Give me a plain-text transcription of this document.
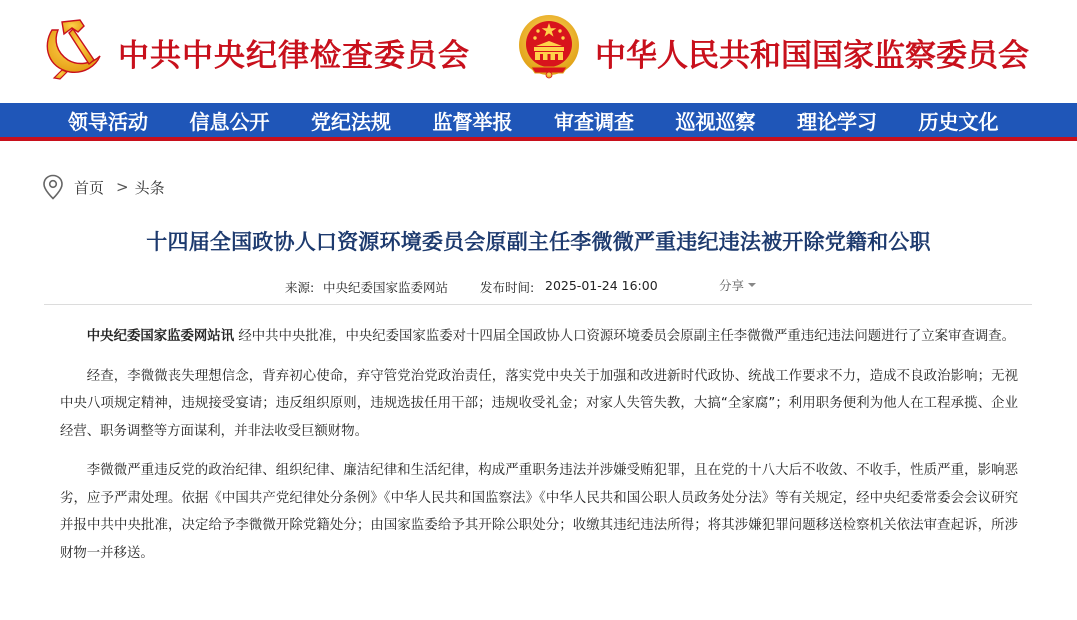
中共中央纪律检查委员会	中华人民共和国国家监察委员会
领导活动	信息公开	党纪法规	监督举报	审查调查	巡视巡察	理论学习	历史文化
首页 > 头条
十四届全国政协人口资源环境委员会原副主任李微微严重违纪违法被开除党籍和公职
来源: 中央纪委国家监委网站	发布时间: 2025-01-24 16:00	分享

中央纪委国家监委网站讯 经中共中央批准，中央纪委国家监委对十四届全国政协人口资源环境委员会原副主任李微微严重违纪违法问题进行了立案审查调查。

经查，李微微丧失理想信念，背弃初心使命，弃守管党治党政治责任，落实党中央关于加强和改进新时代政协、统战工作要求不力，造成不良政治影响；无视中央八项规定精神，违规接受宴请；违反组织原则，违规选拔任用干部；违规收受礼金；对家人失管失教，大搞“全家腐”；利用职务便利为他人在工程承揽、企业经营、职务调整等方面谋利，并非法收受巨额财物。

李微微严重违反党的政治纪律、组织纪律、廉洁纪律和生活纪律，构成严重职务违法并涉嫌受贿犯罪，且在党的十八大后不收敛、不收手，性质严重，影响恶劣，应予严肃处理。依据《中国共产党纪律处分条例》《中华人民共和国监察法》《中华人民共和国公职人员政务处分法》等有关规定，经中央纪委常委会会议研究并报中共中央批准，决定给予李微微开除党籍处分；由国家监委给予其开除公职处分；收缴其违纪违法所得；将其涉嫌犯罪问题移送检察机关依法审查起诉，所涉财物一并移送。
